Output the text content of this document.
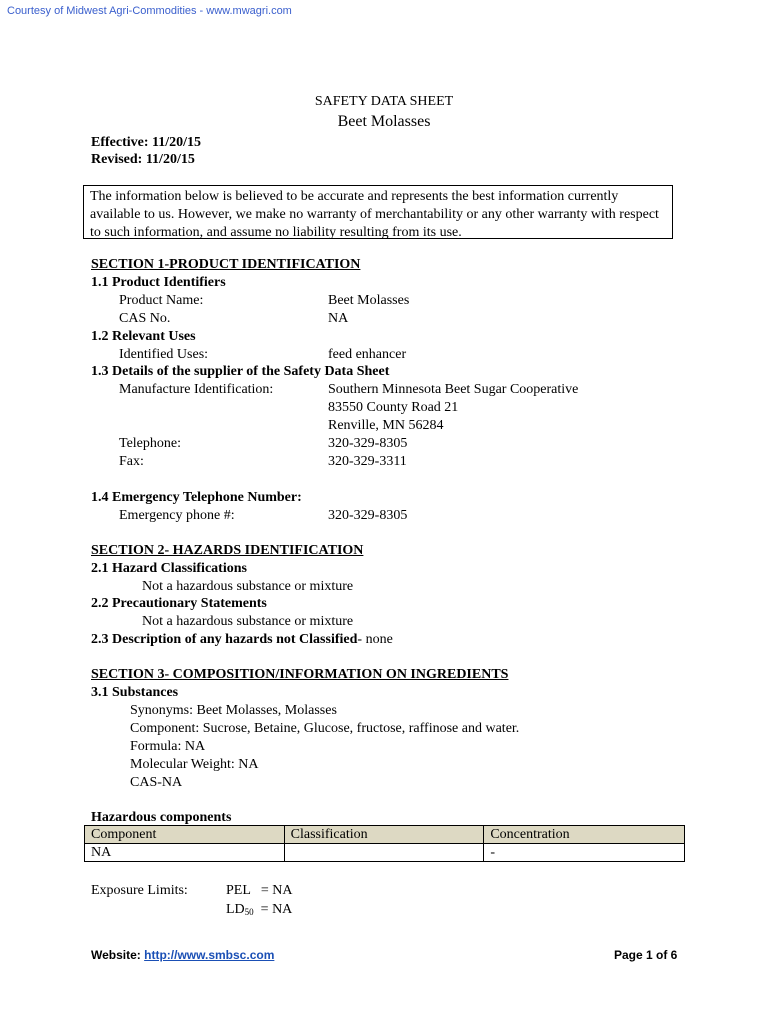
Courtesy of Midwest Agri-Commodities - www.mwagri.com
SAFETY DATA SHEET
Beet Molasses
Effective: 11/20/15
Revised: 11/20/15
The information below is believed to be accurate and represents the best information currently available to us. However, we make no warranty of merchantability or any other warranty with respect to such information, and assume no liability resulting from its use.
SECTION 1-PRODUCT IDENTIFICATION
1.1 Product Identifiers
Product Name:	Beet Molasses
CAS No.	NA
1.2 Relevant Uses
Identified Uses:	feed enhancer
1.3 Details of the supplier of the Safety Data Sheet
Manufacture Identification:	Southern Minnesota Beet Sugar Cooperative
83550 County Road 21
Renville, MN 56284
Telephone:	320-329-8305
Fax:	320-329-3311
1.4 Emergency Telephone Number:
Emergency phone #:	320-329-8305
SECTION 2- HAZARDS IDENTIFICATION
2.1 Hazard Classifications
Not a hazardous substance or mixture
2.2 Precautionary Statements
Not a hazardous substance or mixture
2.3 Description of any hazards not Classified- none
SECTION 3- COMPOSITION/INFORMATION ON INGREDIENTS
3.1 Substances
Synonyms: Beet Molasses, Molasses
Component: Sucrose, Betaine, Glucose, fructose, raffinose and water.
Formula: NA
Molecular Weight: NA
CAS-NA
Hazardous components
Component	Classification	Concentration
NA		-
Exposure Limits:	PEL   = NA
$LD_{50}$  = NA
Website: http://www.smbsc.com	Page 1 of 6
